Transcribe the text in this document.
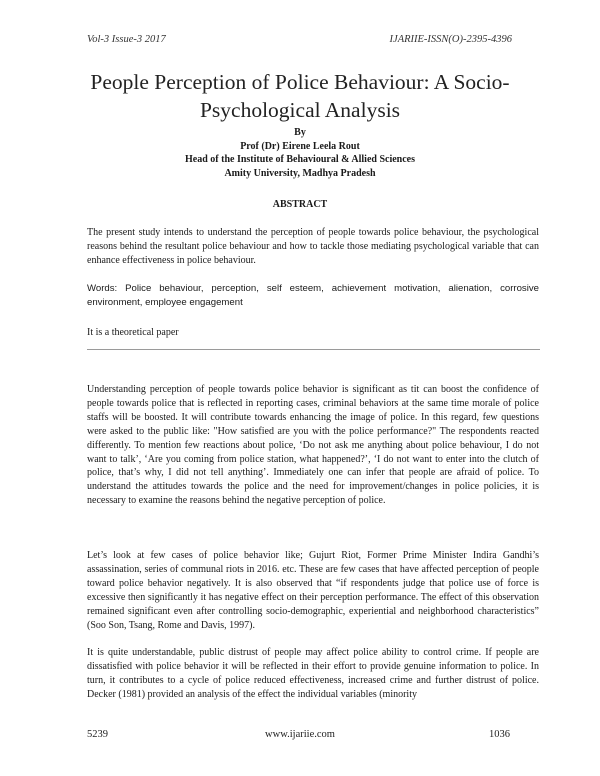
Vol-3 Issue-3 2017	IJARIIE-ISSN(O)-2395-4396
People Perception of Police Behaviour: A Socio-Psychological Analysis
By
Prof (Dr) Eirene Leela Rout
Head of the Institute of Behavioural & Allied Sciences
Amity University, Madhya Pradesh
ABSTRACT

The present study intends to understand the perception of people towards police behaviour, the psychological reasons behind the resultant police behaviour and how to tackle those mediating psychological variable that can enhance effectiveness in police behaviour.

Words: Police behaviour, perception, self esteem, achievement motivation, alienation, corrosive environment, employee engagement

It is a theoretical paper

Understanding perception of people towards police behavior is significant as tit can boost the confidence of people towards police that is reflected in reporting cases, criminal behaviors at the same time morale of police staffs will be boosted. It will contribute towards enhancing the image of police. In this regard, few questions were asked to the public like: "How satisfied are you with the police performance?" The respondents reacted differently. To mention few reactions about police, ‘Do not ask me anything about police behaviour, I do not want to talk’, ‘Are you coming from police station, what happened?’, ‘I do not want to enter into the clutch of police, that’s why, I did not tell anything’. Immediately one can infer that people are afraid of police. To understand the attitudes towards the police and the need for improvement/changes in police policies, it is necessary to examine the reasons behind the negative perception of police.

Let’s look at few cases of police behavior like; Gujurt Riot, Former Prime Minister Indira Gandhi’s assassination, series of communal riots in 2016. etc. These are few cases that have affected perception of people toward police behavior negatively. It is also observed that “if respondents judge that police use of force is excessive then significantly it has negative effect on their perception performance. The effect of this observation remained significant even after controlling socio-demographic, experiential and neighborhood characteristics” (Soo Son, Tsang, Rome and Davis, 1997).

It is quite understandable, public distrust of people may affect police ability to control crime. If people are dissatisfied with police behavior it will be reflected in their effort to provide genuine information to police. In turn, it contributes to a cycle of police reduced effectiveness, increased crime and further distrust of police. Decker (1981) provided an analysis of the effect the individual variables (minority

5239	www.ijariie.com	1036
